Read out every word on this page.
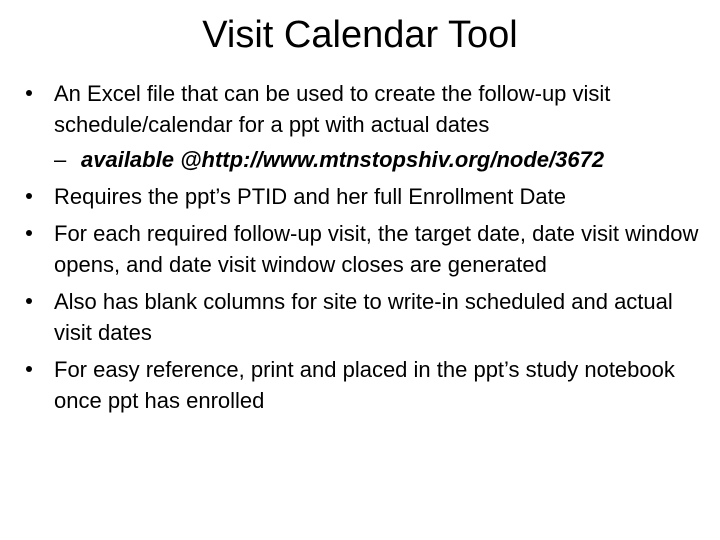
Visit Calendar Tool
An Excel file that can be used to create the follow-up visit schedule/calendar for a ppt with actual dates
– available @http://www.mtnstopshiv.org/node/3672
Requires the ppt’s PTID and her full Enrollment Date
For each required follow-up visit, the target date, date visit window opens, and date visit window closes are generated
Also has blank columns for site to write-in scheduled and actual visit dates
For easy reference, print and placed in the ppt’s study notebook once ppt has enrolled
